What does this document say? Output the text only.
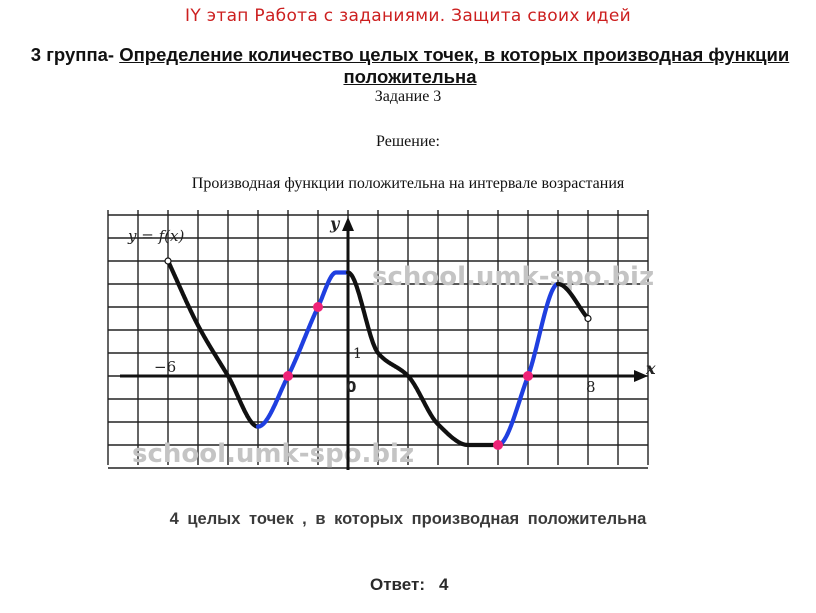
IY этап Работа с заданиями. Защита своих идей
3 группа- Определение количество целых точек, в которых производная функции положительна
Задание 3
Решение:
Производная функции положительна на интервале возрастания
school.umk-spo.biz
school.umk-spo.biz
y = f(x)
y
x
−6
0	8
1
4 целых точек , в которых производная положительна
Ответ: 4
